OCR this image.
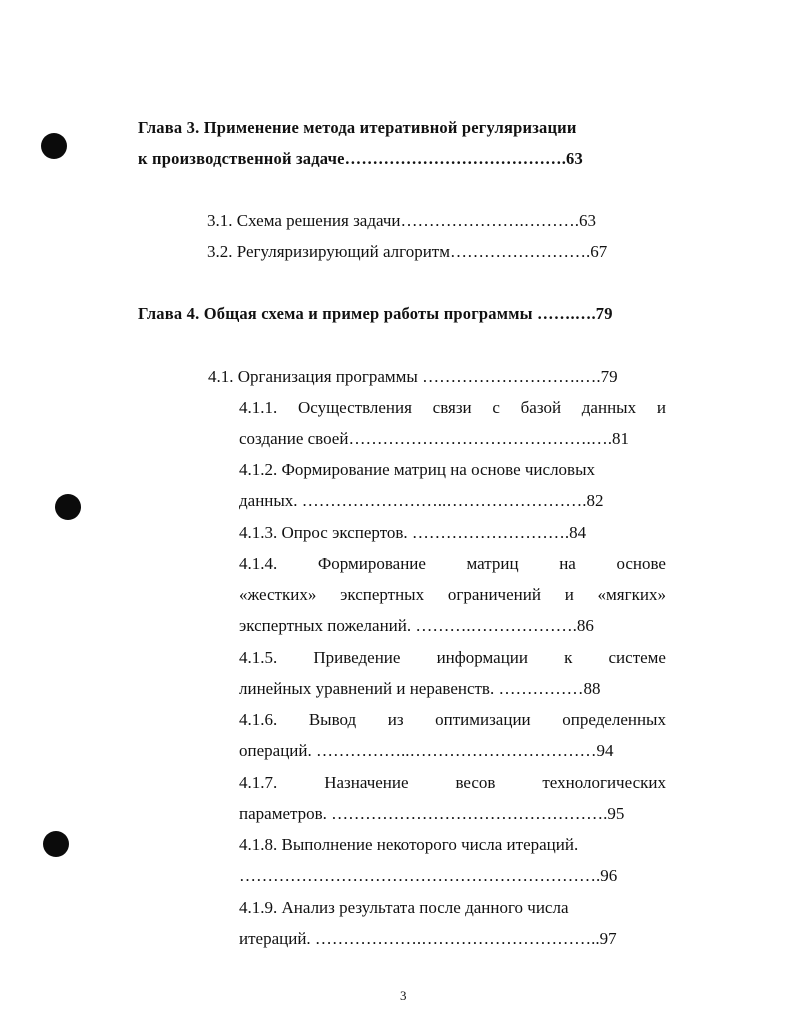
Глава 3. Применение метода итеративной регуляризации
к производственной задаче………………………………….63
3.1. Схема решения задачи………………….……….63
3.2. Регуляризирующий алгоритм…………………….67
Глава 4. Общая схема и пример работы программы …….….79
4.1. Организация программы ……………………….….79
4.1.1. Осуществления связи с базой данных и
создание своей…………………………………….….81
4.1.2. Формирование матриц на основе числовых
данных. ……………………..…………………….82
4.1.3. Опрос экспертов. ……………………….84
4.1.4. Формирование матриц на основе
«жестких» экспертных ограничений и «мягких»
экспертных пожеланий. ……….……………….86
4.1.5. Приведение информации к системе
линейных уравнений и неравенств. ……………88
4.1.6. Вывод из оптимизации определенных
операций. ……………..……………………………94
4.1.7.	Назначение	весов	технологических
параметров. ………………………………………….95
4.1.8. Выполнение некоторого числа итераций.
……………………………………………………….96
4.1.9. Анализ результата после данного числа
итераций. ……………….…………………………..97
3
